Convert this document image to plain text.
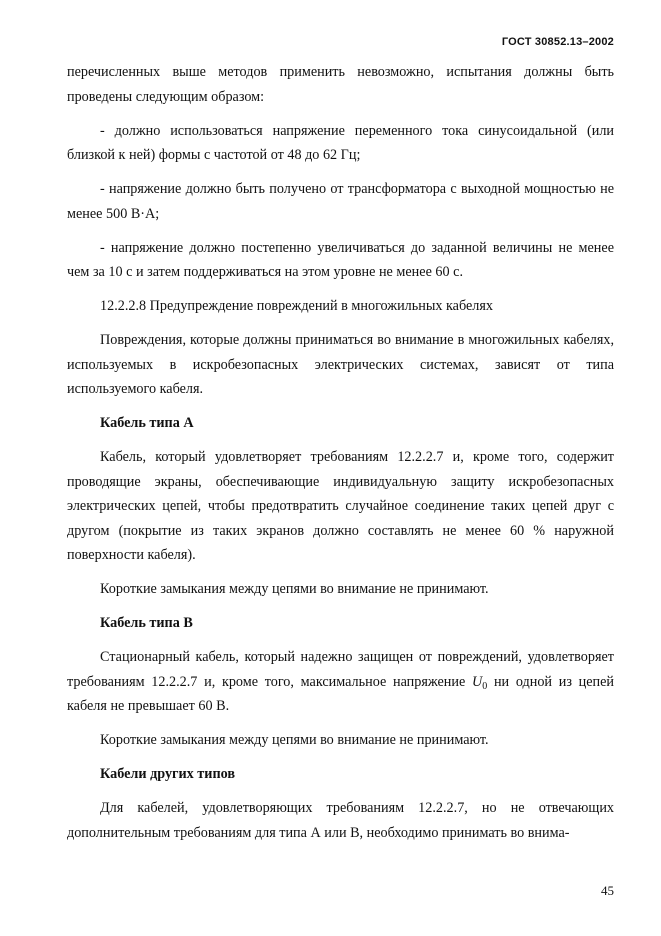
ГОСТ 30852.13–2002

перечисленных выше методов применить невозможно, испытания должны быть проведены следующим образом:

- должно использоваться напряжение переменного тока синусоидальной (или близкой к ней) формы с частотой от 48 до 62 Гц;

- напряжение должно быть получено от трансформатора с выходной мощностью не менее 500 В·А;

- напряжение должно постепенно увеличиваться до заданной величины не менее чем за 10 с и затем поддерживаться на этом уровне не менее 60 с.

12.2.2.8 Предупреждение повреждений в многожильных кабелях

Повреждения, которые должны приниматься во внимание в многожильных кабелях, используемых в искробезопасных электрических системах, зависят от типа используемого кабеля.

Кабель типа А

Кабель, который удовлетворяет требованиям 12.2.2.7 и, кроме того, содержит проводящие экраны, обеспечивающие индивидуальную защиту искробезопасных электрических цепей, чтобы предотвратить случайное соединение таких цепей друг с другом (покрытие из таких экранов должно составлять не менее 60 % наружной поверхности кабеля).

Короткие замыкания между цепями во внимание не принимают.

Кабель типа В

Стационарный кабель, который надежно защищен от повреждений, удовлетворяет требованиям 12.2.2.7 и, кроме того, максимальное напряжение $U_0$ ни одной из цепей кабеля не превышает 60 В.

Короткие замыкания между цепями во внимание не принимают.

Кабели других типов

Для кабелей, удовлетворяющих требованиям 12.2.2.7, но не отвечающих дополнительным требованиям для типа А или В, необходимо принимать во внима-

45
